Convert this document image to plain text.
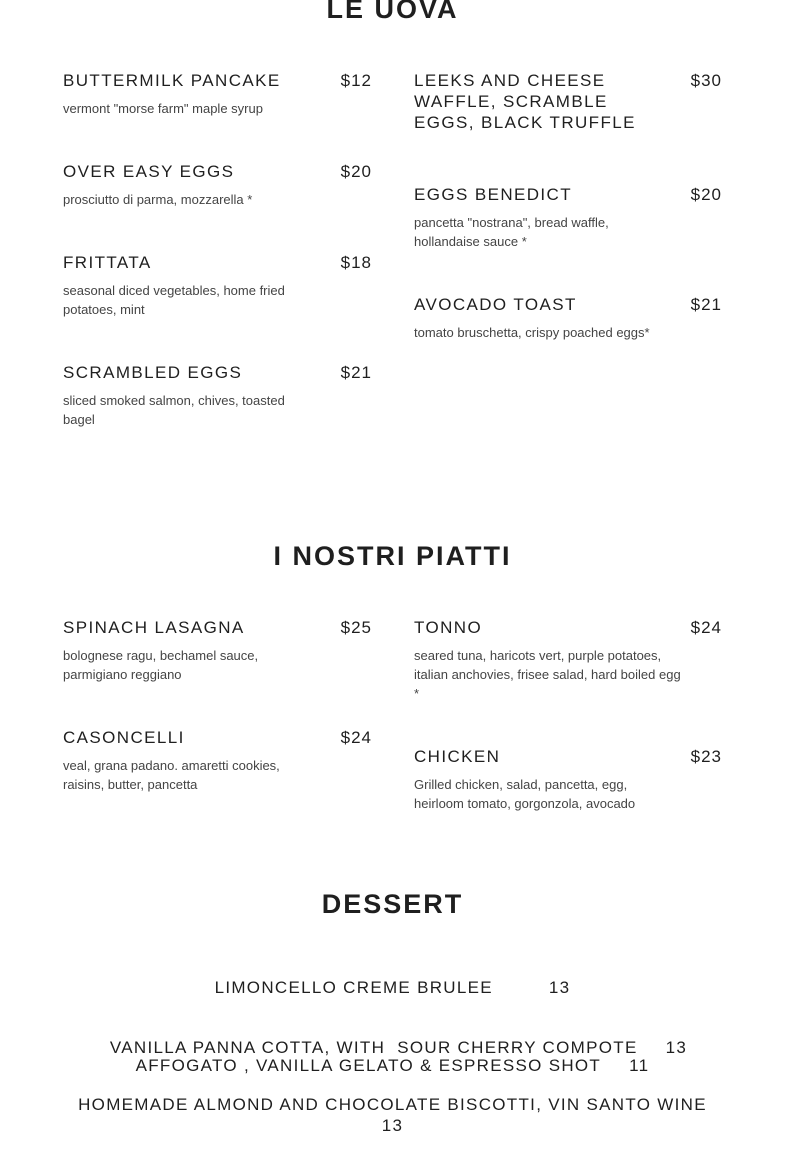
LE UOVA
BUTTERMILK PANCAKE	$12
vermont "morse farm" maple syrup
OVER EASY EGGS	$20
prosciutto di parma, mozzarella *
FRITTATA	$18
seasonal diced vegetables, home fried potatoes, mint
SCRAMBLED EGGS	$21
sliced smoked salmon, chives, toasted bagel
LEEKS AND CHEESE WAFFLE, SCRAMBLE EGGS, BLACK TRUFFLE
$30
EGGS BENEDICT	$20
pancetta "nostrana", bread waffle, hollandaise sauce *
AVOCADO TOAST	$21
tomato bruschetta, crispy poached eggs*
I NOSTRI PIATTI
SPINACH LASAGNA	$25
bolognese ragu, bechamel sauce, parmigiano reggiano
CASONCELLI	$24
veal, grana padano. amaretti cookies, raisins, butter, pancetta
TONNO	$24
seared tuna, haricots vert, purple potatoes, italian anchovies, frisee salad, hard boiled egg *
CHICKEN	$23
Grilled chicken, salad, pancetta, egg, heirloom tomato, gorgonzola, avocado
DESSERT
LIMONCELLO CREME BRULEE	13

VANILLA PANNA COTTA, WITH  SOUR CHERRY COMPOTE 13

AFFOGATO , VANILLA GELATO & ESPRESSO SHOT 11
HOMEMADE ALMOND AND CHOCOLATE BISCOTTI, VIN SANTO WINE
13
